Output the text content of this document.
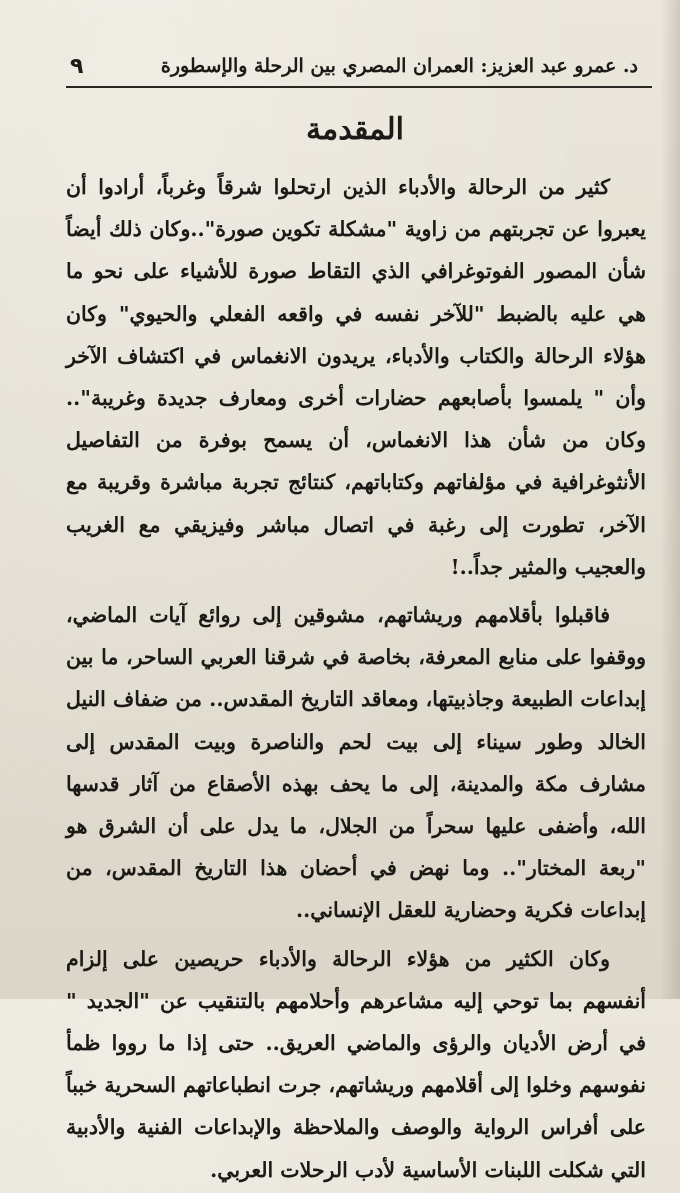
د. عمرو عبد العزيز: العمران المصري بين الرحلة والإسطورة
٩
المقدمة

كثير من الرحالة والأدباء الذين ارتحلوا شرقاً وغرباً، أرادوا أن يعبروا عن تجربتهم من زاوية "مشكلة تكوين صورة"..وكان ذلك أيضاً شأن المصور الفوتوغرافي الذي التقاط صورة للأشياء على نحو ما هي عليه بالضبط "للآخر نفسه في واقعه الفعلي والحيوي" وكان هؤلاء الرحالة والكتاب والأدباء، يريدون الانغماس في اكتشاف الآخر وأن " يلمسوا بأصابعهم حضارات أخرى ومعارف جديدة وغريبة".. وكان من شأن هذا الانغماس، أن يسمح بوفرة من التفاصيل الأنثوغرافية في مؤلفاتهم وكتاباتهم، كنتائج تجربة مباشرة وقريبة مع الآخر، تطورت إلى رغبة في اتصال مباشر وفيزيقي مع الغريب والعجيب والمثير جداً..!

فاقبلوا بأقلامهم وريشاتهم، مشوقين إلى روائع آيات الماضي، ووقفوا على منابع المعرفة، بخاصة في شرقنا العربي الساحر، ما بين إبداعات الطبيعة وجاذبيتها، ومعاقد التاريخ المقدس.. من ضفاف النيل الخالد وطور سيناء إلى بيت لحم والناصرة وبيت المقدس إلى مشارف مكة والمدينة، إلى ما يحف بهذه الأصقاع من آثار قدسها الله، وأضفى عليها سحراً من الجلال، ما يدل على أن الشرق هو "ربعة المختار".. وما نهض في أحضان هذا التاريخ المقدس، من إبداعات فكرية وحضارية للعقل الإنساني..

وكان الكثير من هؤلاء الرحالة والأدباء حريصين على إلزام أنفسهم بما توحي إليه مشاعرهم وأحلامهم بالتنقيب عن "الجديد " في أرض الأديان والرؤى والماضي العريق.. حتى إذا ما رووا ظمأ نفوسهم وخلوا إلى أقلامهم وريشاتهم، جرت انطباعاتهم السحرية خبباً على أفراس الرواية والوصف والملاحظة والإبداعات الفنية والأدبية التي شكلت اللبنات الأساسية لأدب الرحلات العربي.
